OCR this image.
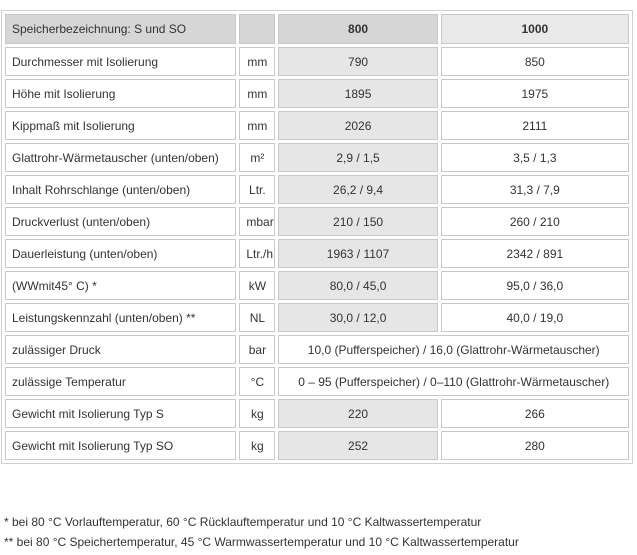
Speicherbezeichnung: S und SO		800	1000
Durchmesser mit Isolierung	mm	790	850
Höhe mit Isolierung	mm	1895	1975
Kippmaß mit Isolierung	mm	2026	2111
Glattrohr-Wärmetauscher (unten/oben)	m²	2,9 / 1,5	3,5 / 1,3
Inhalt Rohrschlange (unten/oben)	Ltr.	26,2 / 9,4	31,3 / 7,9
Druckverlust (unten/oben)	mbar	210 / 150	260 / 210
Dauerleistung (unten/oben)	Ltr./h	1963 / 1107	2342 / 891
(WWmit45° C) *	kW	80,0 / 45,0	95,0 / 36,0
Leistungskennzahl (unten/oben) **	NL	30,0 / 12,0	40,0 / 19,0
zulässiger Druck	bar	10,0 (Pufferspeicher) / 16,0 (Glattrohr-Wärmetauscher)	
zulässige Temperatur	°C	0 – 95 (Pufferspeicher) / 0–110 (Glattrohr-Wärmetauscher)	
Gewicht mit Isolierung Typ S	kg	220	266
Gewicht mit Isolierung Typ SO	kg	252	280
* bei 80 °C Vorlauftemperatur, 60 °C Rücklauftemperatur und 10 °C Kaltwassertemperatur
** bei 80 °C Speichertemperatur, 45 °C Warmwassertemperatur und 10 °C Kaltwassertemperatur
